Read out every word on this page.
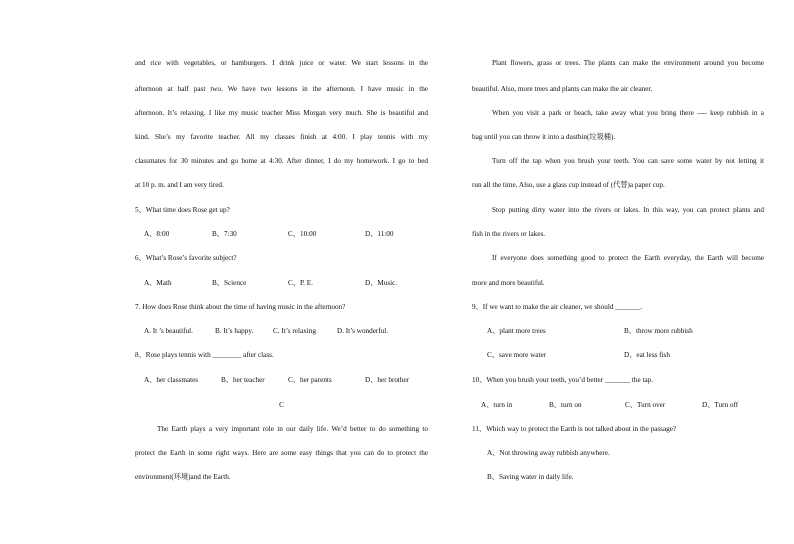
and rice with vegetables, or hamburgers. I drink juice or water. We start lessons in the
afternoon at half past two. We have two lessons in the afternoon. I have music in the
afternoon. It’s relaxing. I like my music teacher Miss Morgan very much. She is beautiful and
kind. She’s my favorite teacher. All my classes finish at 4:00. I play tennis with my
classmates for 30 minutes and go home at 4:30. After dinner, I do my homework. I go to bed
at 10 p. m. and I am very tired.
5、What time does Rose get up?
A、8:00	B、7:30	C、10:00	D、11:00
6、What’s Rose’s favorite subject?
A、Math	B、Science	C、P. E.	D、Music.
7. How does Rose think about the time of having music in the afternoon?
A. It ’s beautiful.	B. It’s happy.	C. It’s relaxing	D. It’s wonderful.
8、Rose plays tennis with ________ after class.
A、her classmates	B、her teacher	C、her parents	D、her brother
C
The Earth plays a very important role in our daily life. We’d better to do something to
protect the Earth in some right ways. Here are some easy things that you can do to protect the
environment(环境)and the Earth.
Plant flowers, grass or trees. The plants can make the environment around you become
beautiful. Also, more trees and plants can make the air cleaner.
When you visit a park or beach, take away what you bring there ---- keep rubbish in a
bag until you can throw it into a dustbin(垃圾桶).
Turn off the tap when you brush your teeth. You can save some water by not letting it
run all the time. Also, use a glass cup instead of (代替)a paper cup.
Stop putting dirty water into the rivers or lakes. In this way, you can protect plants and
fish in the rivers or lakes.
If everyone does something good to protect the Earth everyday, the Earth will become
more and more beautiful.
9、If we want to make the air cleaner, we should _______.
A、plant more trees	B、throw more rubbish
C、save more water	D、eat less fish
10、When you brush your teeth, you’d better _______ the tap.
A、turn in	B、turn on	C、Turn over	D、Turn off
11、Which way to protect the Earth is not talked about in the passage?
A、Not throwing away rubbish anywhere.
B、Saving water in daily life.
